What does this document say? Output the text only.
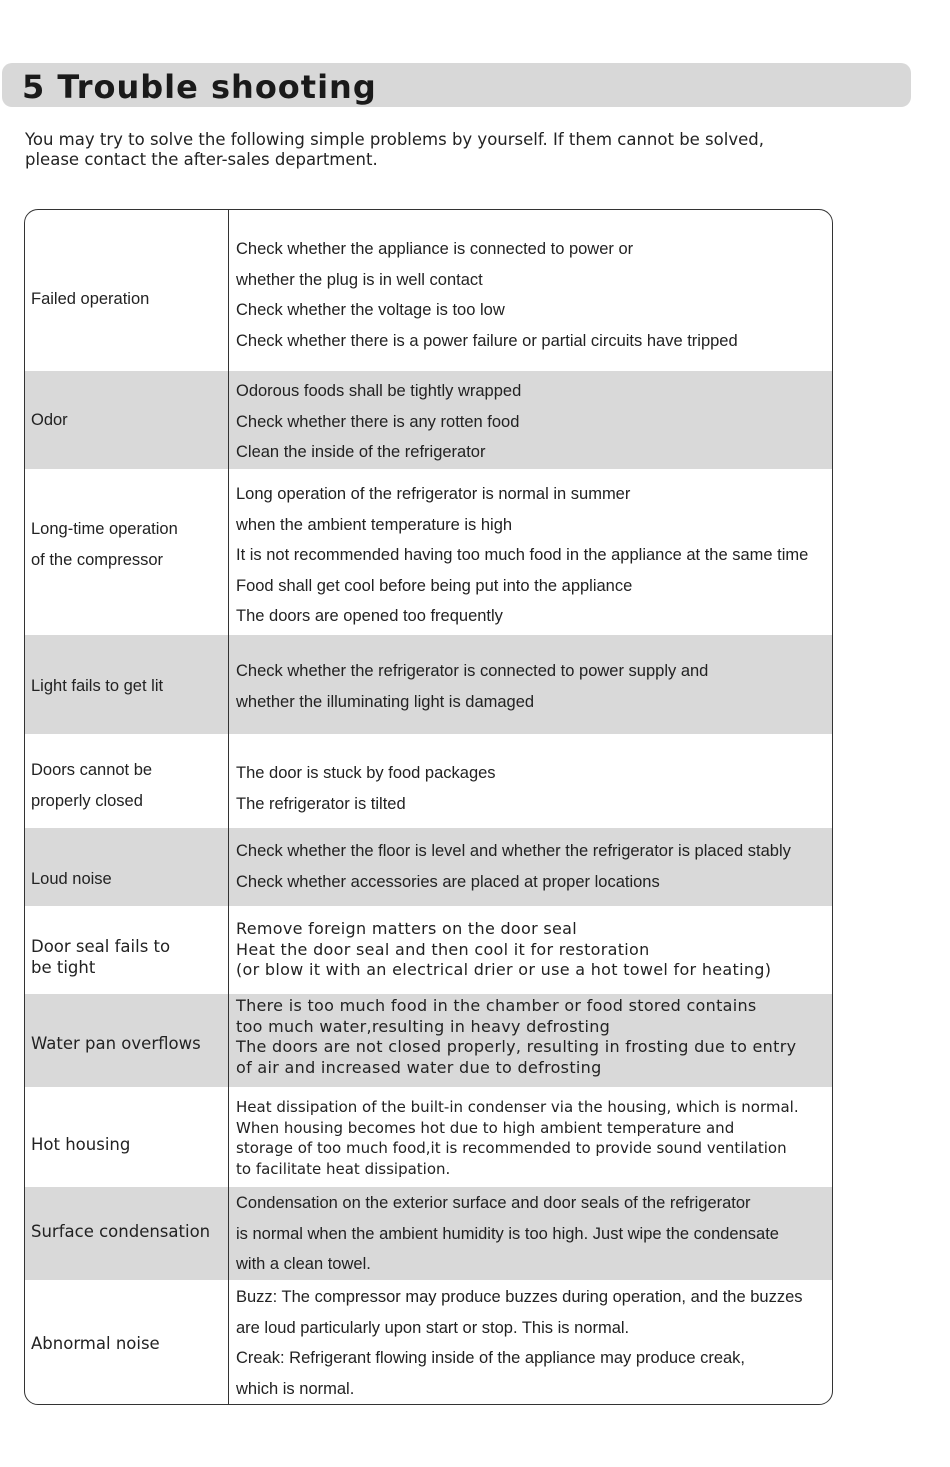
5 Trouble shooting
You may try to solve the following simple problems by yourself. If them cannot be solved,
please contact the after-sales department.
Failed operation
Check whether the appliance is connected to power or
whether the plug is in well contact
Check whether the voltage is too low
Check whether there is a power failure or partial circuits have tripped
Odor
Odorous foods shall be tightly wrapped
Check whether there is any rotten food
Clean the inside of the refrigerator
Long-time operation
of the compressor
Long operation of the refrigerator is normal in summer
when the ambient temperature is high
It is not recommended having too much food in the appliance at the same time
Food shall get cool before being put into the appliance
The doors are opened too frequently
Light fails to get lit
Check whether the refrigerator is connected to power supply and
whether the illuminating light is damaged
Doors cannot be
properly closed
The door is stuck by food packages
The refrigerator is tilted
Loud noise
Check whether the floor is level and whether the refrigerator is placed stably
Check whether accessories are placed at proper locations
Door seal fails to
be tight
Remove foreign matters on the door seal
Heat the door seal and then cool it for restoration
(or blow it with an electrical drier or use a hot towel for heating)
Water pan overflows
There is too much food in the chamber or food stored contains
too much water,resulting in heavy defrosting
The doors are not closed properly, resulting in frosting due to entry
of air and increased water due to defrosting
Hot housing
Heat dissipation of the built-in condenser via the housing, which is normal.
When housing becomes hot due to high ambient temperature and
storage of too much food,it is recommended to provide sound ventilation
to facilitate heat dissipation.
Surface condensation
Condensation on the exterior surface and door seals of the refrigerator
is normal when the ambient humidity is too high. Just wipe the condensate
with a clean towel.
Abnormal noise
Buzz: The compressor may produce buzzes during operation, and the buzzes
are loud particularly upon start or stop. This is normal.
Creak: Refrigerant flowing inside of the appliance may produce creak,
which is normal.
